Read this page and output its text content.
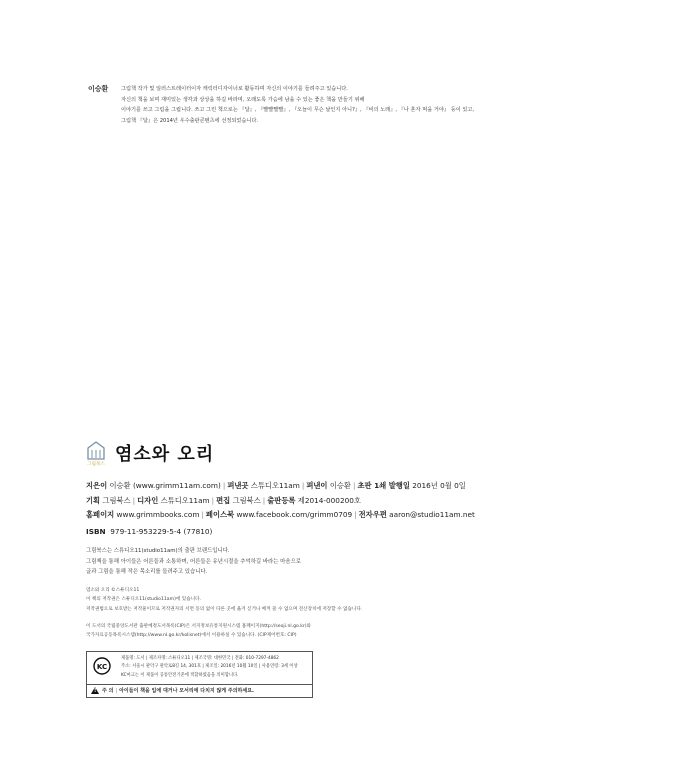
이승환 그림책 작가 및 일러스트레이터이자 캐릭터디자이너로 활동하며 자신의 이야기를 들려주고 있습니다.
자신의 책을 보며 재미있는 생각과 상상을 하길 바라며, 오래도록 가슴에 남을 수 있는 좋은 책을 만들기 위해
이야기를 쓰고 그림을 그립니다. 쓰고 그린 책으로는 『달』, 『빨빨빨빨』, 『오늘이 무슨 날인지 아니?』, 『비의 노래』, 『나 혼자 먹을 거야』 등이 있고,
그림책 『달』은 2014년 우수출판콘텐츠에 선정되었습니다.
그림북스 염소와 오리
지은이 이승환 (www.grimm11am.com) | 펴낸곳 스튜디오11am | 펴낸이 이승환 | 초판 1쇄 발행일 2016년 0월 0일
기획 그림북스 | 디자인 스튜디오11am | 편집 그림북스 | 출판등록 제2014-000200호
홈페이지 www.grimmbooks.com | 페이스북 www.facebook.com/grimm0709 | 전자우편 aaron@studio11am.net
ISBN 979-11-953229-5-4 (77810)
그림북스는 스튜디오11(studio11am)의 출판 브랜드입니다.
그림책을 통해 아이들은 어른들과 소통하며, 어른들은 유년시절을 추억하길 바라는 마음으로
글과 그림을 통해 작은 목소리를 들려주고 있습니다.
염소와 오리 ©스튜디오11
이 책의 저작권은 스튜디오11(studio11am)에 있습니다.
저작권법으로 보호받는 저작물이므로 저작권자의 서면 동의 없이 다른 곳에 옮겨 싣거나 베껴 쓸 수 없으며 전산장치에 저장할 수 없습니다.
이 도서의 국립중앙도서관 출판예정도서목록(CIP)은 서지정보유통지원시스템 홈페이지(http://seoji.nl.go.kr)와
국가자료공동목록시스템(http://www.nl.go.kr/kolisnet)에서 이용하실 수 있습니다. (CIP제어번호: CIP)
KC
제품명: 도서 | 제조자명: 스튜디오11 | 제조국명: 대한민국 | 전화: 010-7297-4862
주소: 서울시 관악구 관악로8길 14, 301호 | 제조일: 2016년 10월 10일 | 사용연령: 3세 이상
KC마크는 이 제품이 공통안전기준에 적합하였음을 의미합니다.
!
주 의 | 아이들이 책을 입에 대거나 모서리에 다치지 않게 주의하세요.
